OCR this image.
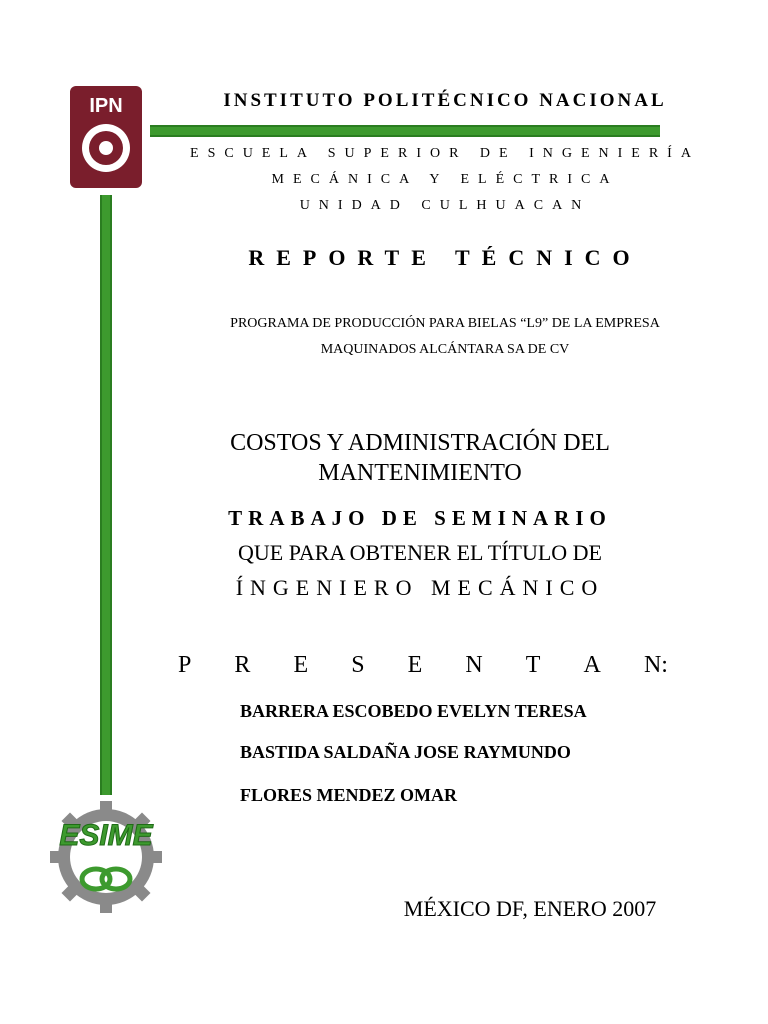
IPN	INSTITUTO POLITÉCNICO NACIONAL
ESCUELA SUPERIOR DE INGENIERÍA
MECÁNICA Y ELÉCTRICA
UNIDAD CULHUACAN
REPORTE TÉCNICO
PROGRAMA DE PRODUCCIÓN PARA BIELAS “L9” DE LA EMPRESA
MAQUINADOS ALCÁNTARA SA DE CV
COSTOS Y ADMINISTRACIÓN DEL
MANTENIMIENTO
TRABAJO DE SEMINARIO
QUE PARA OBTENER EL TÍTULO DE
ÍNGENIERO MECÁNICO
P R E S E N T A N:
BARRERA ESCOBEDO EVELYN TERESA
BASTIDA SALDAÑA JOSE RAYMUNDO
FLORES MENDEZ OMAR
ESIME
MÉXICO DF, ENERO 2007
